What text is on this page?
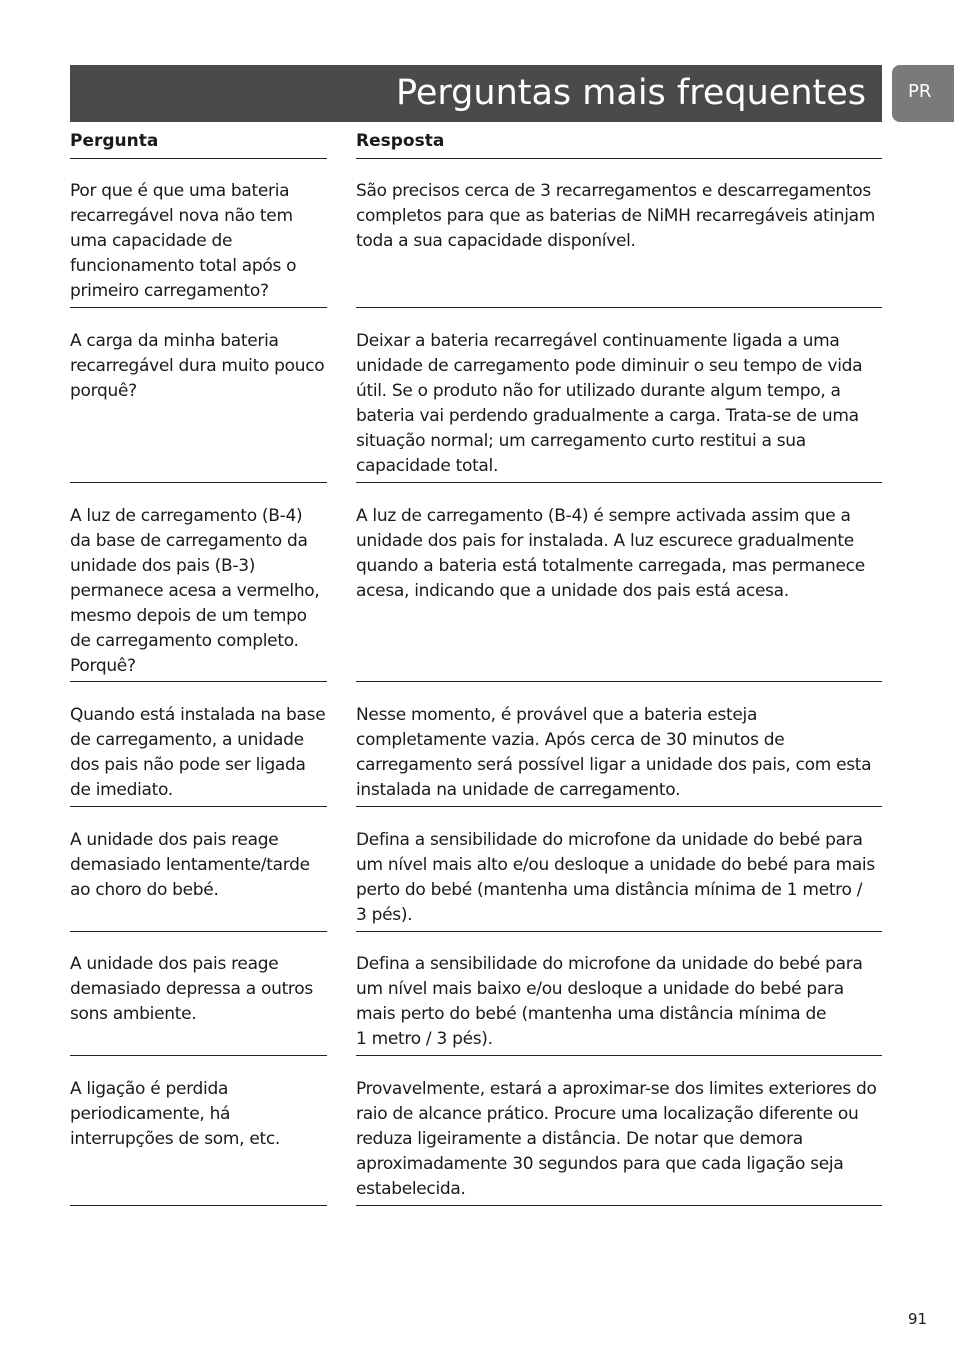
Perguntas mais frequentes PR
Pergunta	Resposta
Por que é que uma bateria
recarregável nova não tem
uma capacidade de
funcionamento total após o
primeiro carregamento?
São precisos cerca de 3 recarregamentos e descarregamentos
completos para que as baterias de NiMH recarregáveis atinjam
toda a sua capacidade disponível.
A carga da minha bateria
recarregável dura muito pouco
porquê?
Deixar a bateria recarregável continuamente ligada a uma
unidade de carregamento pode diminuir o seu tempo de vida
útil. Se o produto não for utilizado durante algum tempo, a
bateria vai perdendo gradualmente a carga. Trata-se de uma
situação normal; um carregamento curto restitui a sua
capacidade total.
A luz de carregamento (B-4)
da base de carregamento da
unidade dos pais (B-3)
permanece acesa a vermelho,
mesmo depois de um tempo
de carregamento completo.
Porquê?
A luz de carregamento (B-4) é sempre activada assim que a
unidade dos pais for instalada. A luz escurece gradualmente
quando a bateria está totalmente carregada, mas permanece
acesa, indicando que a unidade dos pais está acesa.
Quando está instalada na base
de carregamento, a unidade
dos pais não pode ser ligada
de imediato.
Nesse momento, é provável que a bateria esteja
completamente vazia. Após cerca de 30 minutos de
carregamento será possível ligar a unidade dos pais, com esta
instalada na unidade de carregamento.
A unidade dos pais reage
demasiado lentamente/tarde
ao choro do bebé.
Defina a sensibilidade do microfone da unidade do bebé para
um nível mais alto e/ou desloque a unidade do bebé para mais
perto do bebé (mantenha uma distância mínima de 1 metro /
3 pés).
A unidade dos pais reage
demasiado depressa a outros
sons ambiente.
Defina a sensibilidade do microfone da unidade do bebé para
um nível mais baixo e/ou desloque a unidade do bebé para
mais perto do bebé (mantenha uma distância mínima de
1 metro / 3 pés).
A ligação é perdida
periodicamente, há
interrupções de som, etc.
Provavelmente, estará a aproximar-se dos limites exteriores do
raio de alcance prático. Procure uma localização diferente ou
reduza ligeiramente a distância. De notar que demora
aproximadamente 30 segundos para que cada ligação seja
estabelecida.
91
